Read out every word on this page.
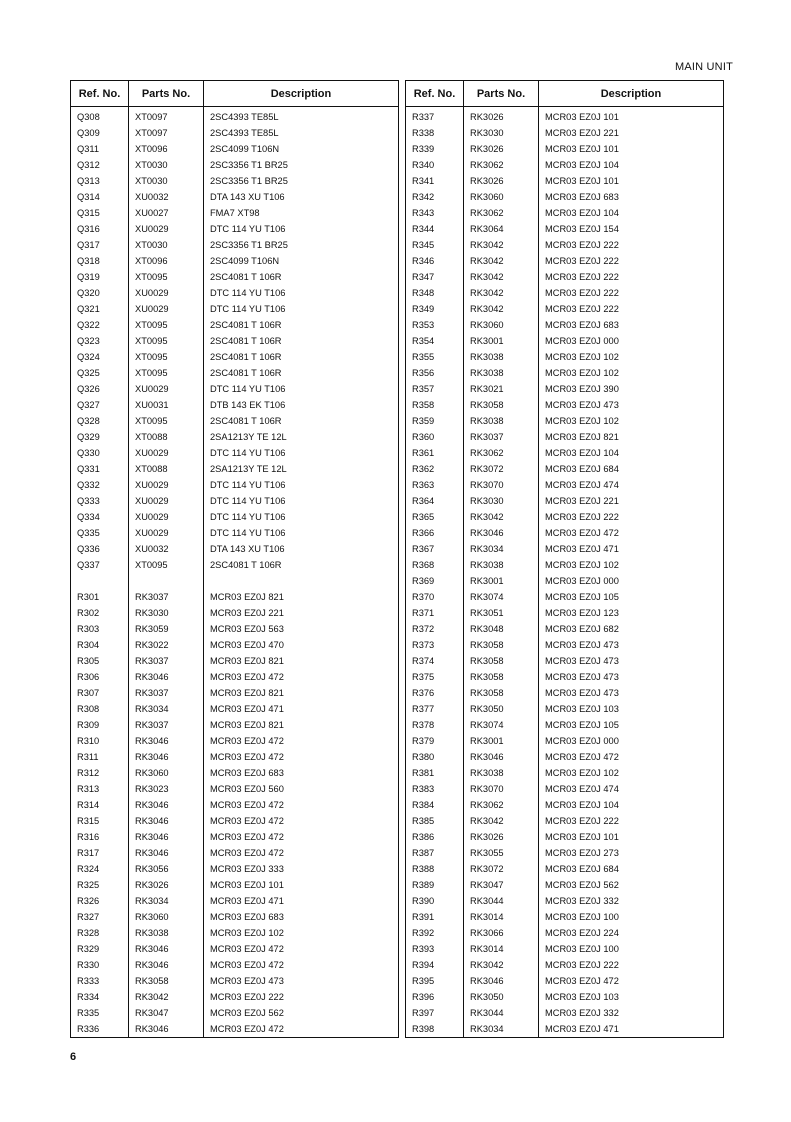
MAIN UNIT
Ref. No.	Parts No.	Description
Q308	XT0097	2SC4393 TE85L
Q309	XT0097	2SC4393 TE85L
Q311	XT0096	2SC4099 T106N
Q312	XT0030	2SC3356 T1 BR25
Q313	XT0030	2SC3356 T1 BR25
Q314	XU0032	DTA 143 XU T106
Q315	XU0027	FMA7 XT98
Q316	XU0029	DTC 114 YU T106
Q317	XT0030	2SC3356 T1 BR25
Q318	XT0096	2SC4099 T106N
Q319	XT0095	2SC4081 T 106R
Q320	XU0029	DTC 114 YU T106
Q321	XU0029	DTC 114 YU T106
Q322	XT0095	2SC4081 T 106R
Q323	XT0095	2SC4081 T 106R
Q324	XT0095	2SC4081 T 106R
Q325	XT0095	2SC4081 T 106R
Q326	XU0029	DTC 114 YU T106
Q327	XU0031	DTB 143 EK T106
Q328	XT0095	2SC4081 T 106R
Q329	XT0088	2SA1213Y TE 12L
Q330	XU0029	DTC 114 YU T106
Q331	XT0088	2SA1213Y TE 12L
Q332	XU0029	DTC 114 YU T106
Q333	XU0029	DTC 114 YU T106
Q334	XU0029	DTC 114 YU T106
Q335	XU0029	DTC 114 YU T106
Q336	XU0032	DTA 143 XU T106
Q337	XT0095	2SC4081 T 106R

R301	RK3037	MCR03 EZ0J 821
R302	RK3030	MCR03 EZ0J 221
R303	RK3059	MCR03 EZ0J 563
R304	RK3022	MCR03 EZ0J 470
R305	RK3037	MCR03 EZ0J 821
R306	RK3046	MCR03 EZ0J 472
R307	RK3037	MCR03 EZ0J 821
R308	RK3034	MCR03 EZ0J 471
R309	RK3037	MCR03 EZ0J 821
R310	RK3046	MCR03 EZ0J 472
R311	RK3046	MCR03 EZ0J 472
R312	RK3060	MCR03 EZ0J 683
R313	RK3023	MCR03 EZ0J 560
R314	RK3046	MCR03 EZ0J 472
R315	RK3046	MCR03 EZ0J 472
R316	RK3046	MCR03 EZ0J 472
R317	RK3046	MCR03 EZ0J 472
R324	RK3056	MCR03 EZ0J 333
R325	RK3026	MCR03 EZ0J 101
R326	RK3034	MCR03 EZ0J 471
R327	RK3060	MCR03 EZ0J 683
R328	RK3038	MCR03 EZ0J 102
R329	RK3046	MCR03 EZ0J 472
R330	RK3046	MCR03 EZ0J 472
R333	RK3058	MCR03 EZ0J 473
R334	RK3042	MCR03 EZ0J 222
R335	RK3047	MCR03 EZ0J 562
R336	RK3046	MCR03 EZ0J 472
Ref. No.	Parts No.	Description
R337	RK3026	MCR03 EZ0J 101
R338	RK3030	MCR03 EZ0J 221
R339	RK3026	MCR03 EZ0J 101
R340	RK3062	MCR03 EZ0J 104
R341	RK3026	MCR03 EZ0J 101
R342	RK3060	MCR03 EZ0J 683
R343	RK3062	MCR03 EZ0J 104
R344	RK3064	MCR03 EZ0J 154
R345	RK3042	MCR03 EZ0J 222
R346	RK3042	MCR03 EZ0J 222
R347	RK3042	MCR03 EZ0J 222
R348	RK3042	MCR03 EZ0J 222
R349	RK3042	MCR03 EZ0J 222
R353	RK3060	MCR03 EZ0J 683
R354	RK3001	MCR03 EZ0J 000
R355	RK3038	MCR03 EZ0J 102
R356	RK3038	MCR03 EZ0J 102
R357	RK3021	MCR03 EZ0J 390
R358	RK3058	MCR03 EZ0J 473
R359	RK3038	MCR03 EZ0J 102
R360	RK3037	MCR03 EZ0J 821
R361	RK3062	MCR03 EZ0J 104
R362	RK3072	MCR03 EZ0J 684
R363	RK3070	MCR03 EZ0J 474
R364	RK3030	MCR03 EZ0J 221
R365	RK3042	MCR03 EZ0J 222
R366	RK3046	MCR03 EZ0J 472
R367	RK3034	MCR03 EZ0J 471
R368	RK3038	MCR03 EZ0J 102
R369	RK3001	MCR03 EZ0J 000
R370	RK3074	MCR03 EZ0J 105
R371	RK3051	MCR03 EZ0J 123
R372	RK3048	MCR03 EZ0J 682
R373	RK3058	MCR03 EZ0J 473
R374	RK3058	MCR03 EZ0J 473
R375	RK3058	MCR03 EZ0J 473
R376	RK3058	MCR03 EZ0J 473
R377	RK3050	MCR03 EZ0J 103
R378	RK3074	MCR03 EZ0J 105
R379	RK3001	MCR03 EZ0J 000
R380	RK3046	MCR03 EZ0J 472
R381	RK3038	MCR03 EZ0J 102
R383	RK3070	MCR03 EZ0J 474
R384	RK3062	MCR03 EZ0J 104
R385	RK3042	MCR03 EZ0J 222
R386	RK3026	MCR03 EZ0J 101
R387	RK3055	MCR03 EZ0J 273
R388	RK3072	MCR03 EZ0J 684
R389	RK3047	MCR03 EZ0J 562
R390	RK3044	MCR03 EZ0J 332
R391	RK3014	MCR03 EZ0J 100
R392	RK3066	MCR03 EZ0J 224
R393	RK3014	MCR03 EZ0J 100
R394	RK3042	MCR03 EZ0J 222
R395	RK3046	MCR03 EZ0J 472
R396	RK3050	MCR03 EZ0J 103
R397	RK3044	MCR03 EZ0J 332
R398	RK3034	MCR03 EZ0J 471
6
